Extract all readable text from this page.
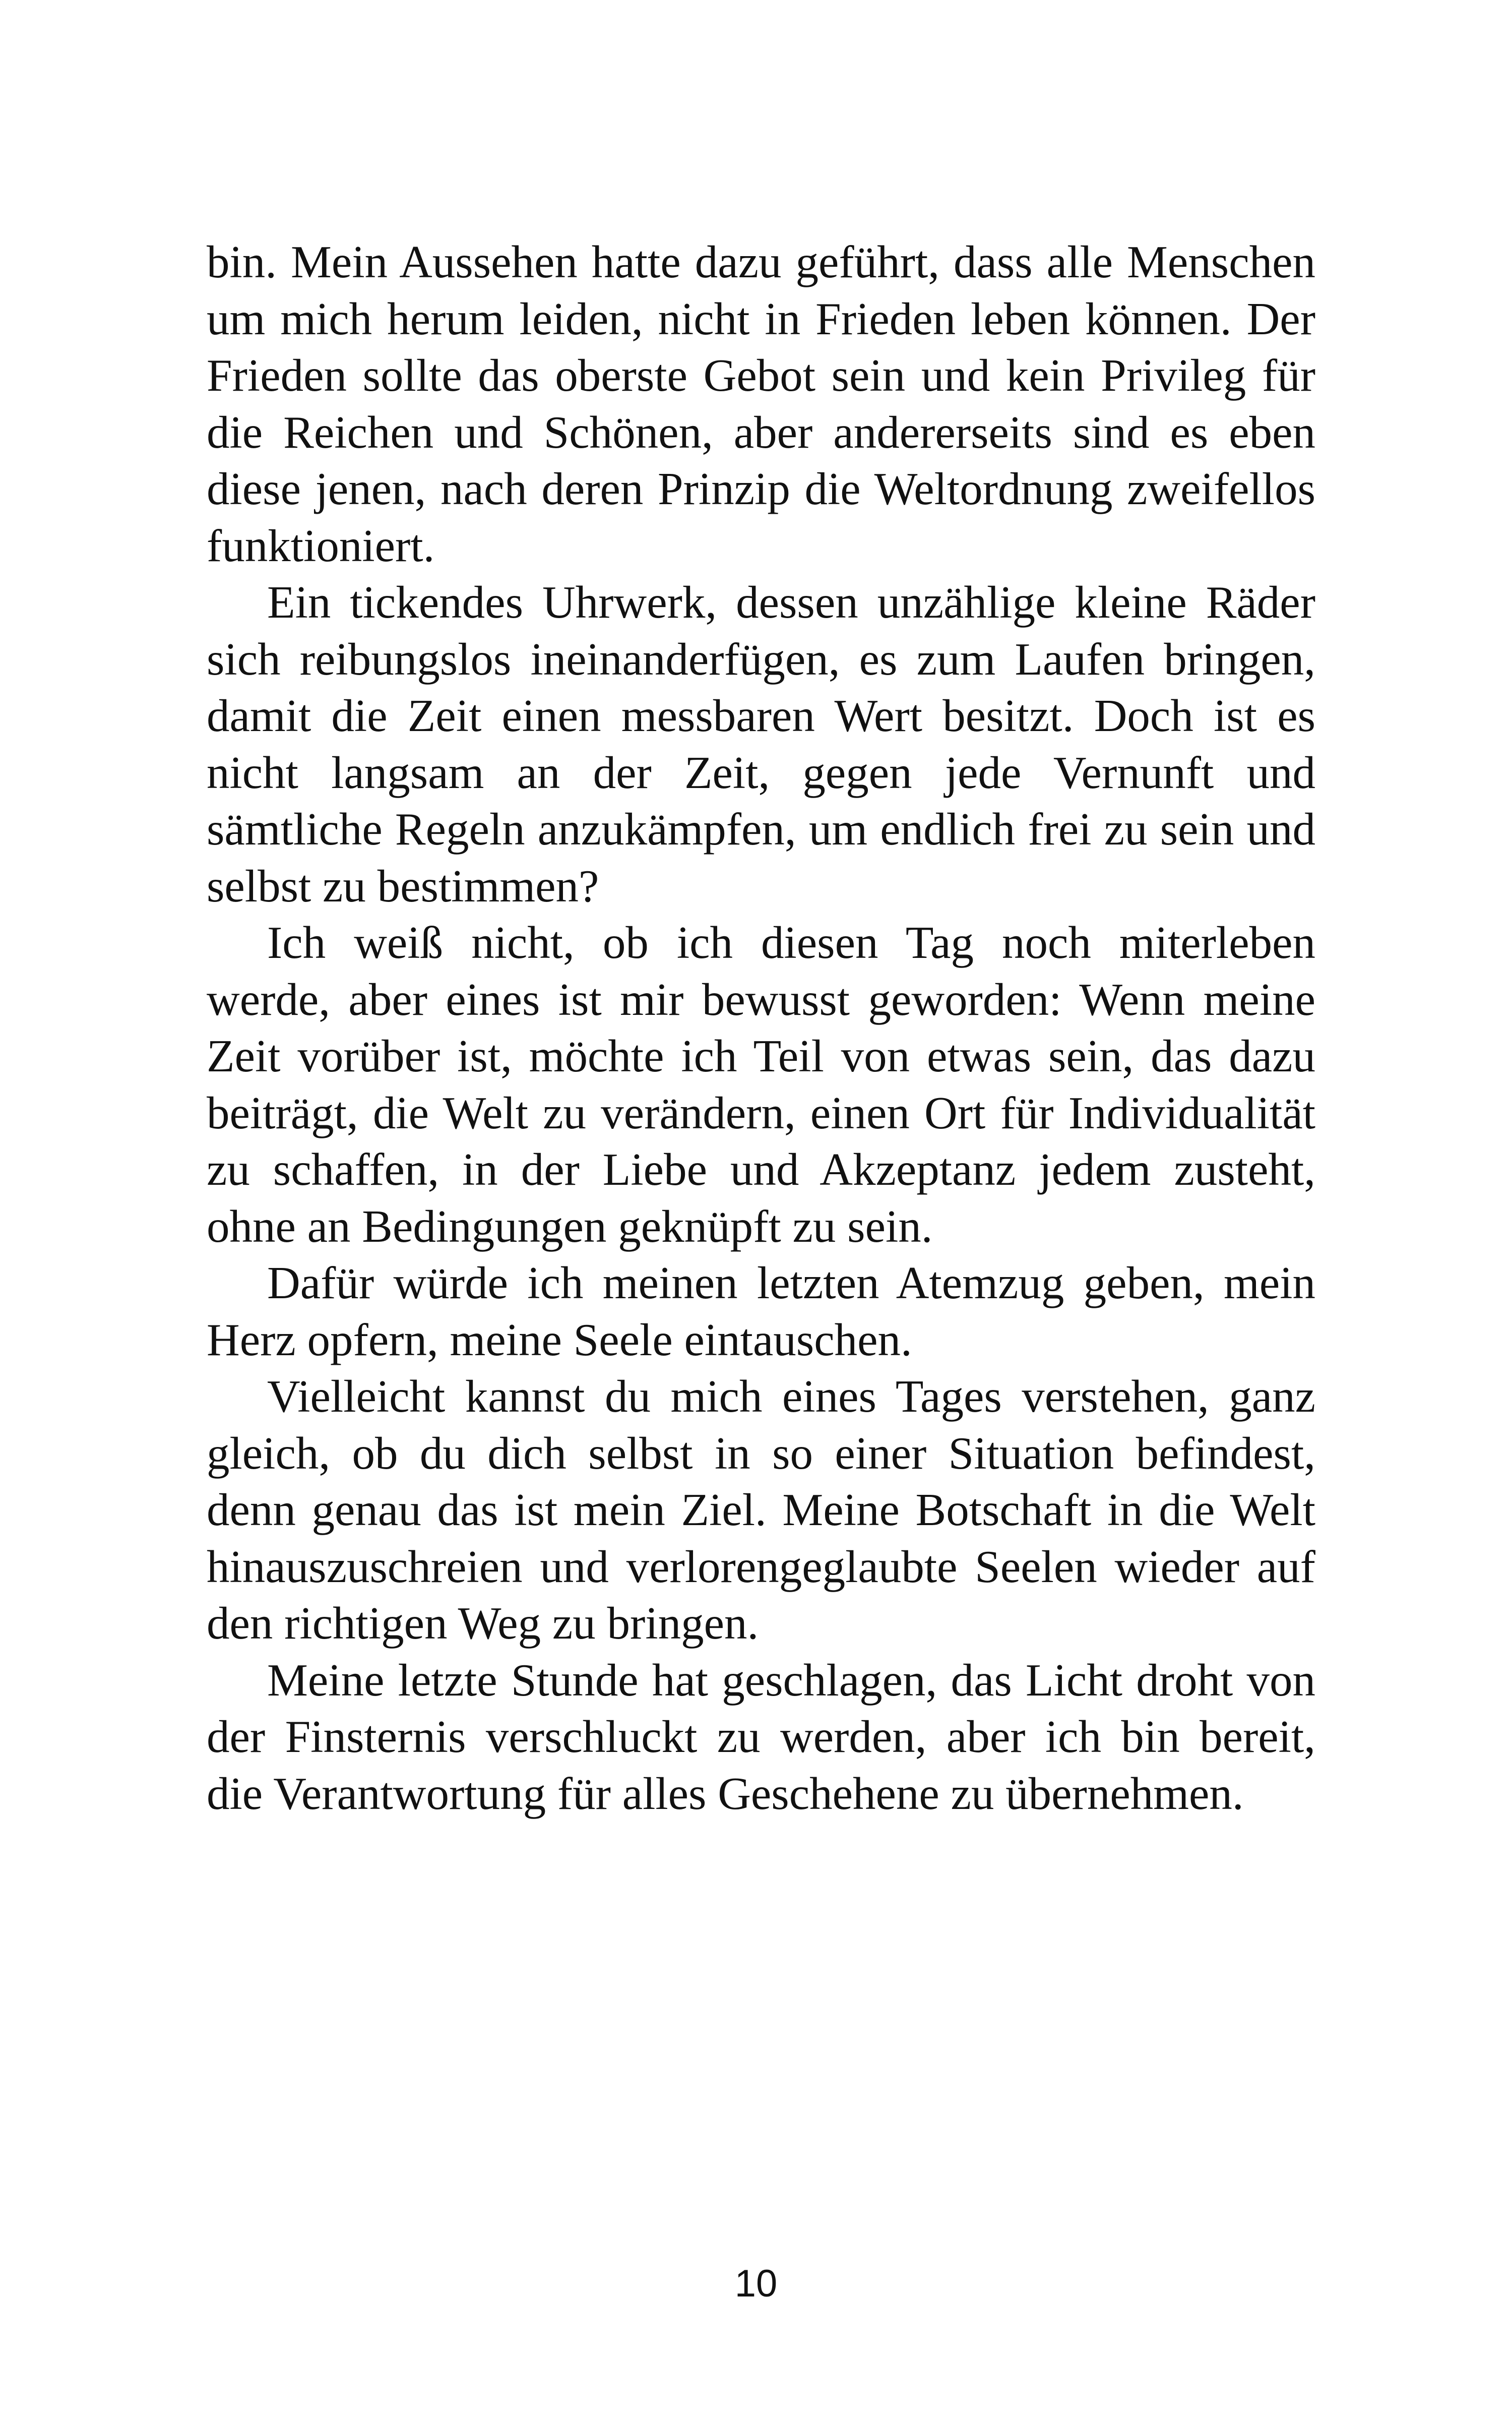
bin. Mein Aussehen hatte dazu geführt, dass alle Menschen um mich herum leiden, nicht in Frieden leben können. Der Frieden sollte das oberste Gebot sein und kein Privileg für die Reichen und Schönen, aber andererseits sind es eben diese jenen, nach deren Prinzip die Weltordnung zweifellos funktioniert.

Ein tickendes Uhrwerk, dessen unzählige kleine Räder sich reibungslos ineinanderfügen, es zum Laufen bringen, damit die Zeit einen messbaren Wert besitzt. Doch ist es nicht langsam an der Zeit, gegen jede Vernunft und sämtliche Regeln anzukämpfen, um endlich frei zu sein und selbst zu bestimmen?

Ich weiß nicht, ob ich diesen Tag noch miterleben werde, aber eines ist mir bewusst geworden: Wenn meine Zeit vorüber ist, möchte ich Teil von etwas sein, das dazu beiträgt, die Welt zu verändern, einen Ort für Individualität zu schaffen, in der Liebe und Akzeptanz jedem zusteht, ohne an Bedingungen geknüpft zu sein.

Dafür würde ich meinen letzten Atemzug geben, mein Herz opfern, meine Seele eintauschen.

Vielleicht kannst du mich eines Tages verstehen, ganz gleich, ob du dich selbst in so einer Situation befindest, denn genau das ist mein Ziel. Meine Botschaft in die Welt hinauszuschreien und verlorengeglaubte Seelen wieder auf den richtigen Weg zu bringen.

Meine letzte Stunde hat geschlagen, das Licht droht von der Finsternis verschluckt zu werden, aber ich bin bereit, die Verantwortung für alles Geschehene zu übernehmen.

10
